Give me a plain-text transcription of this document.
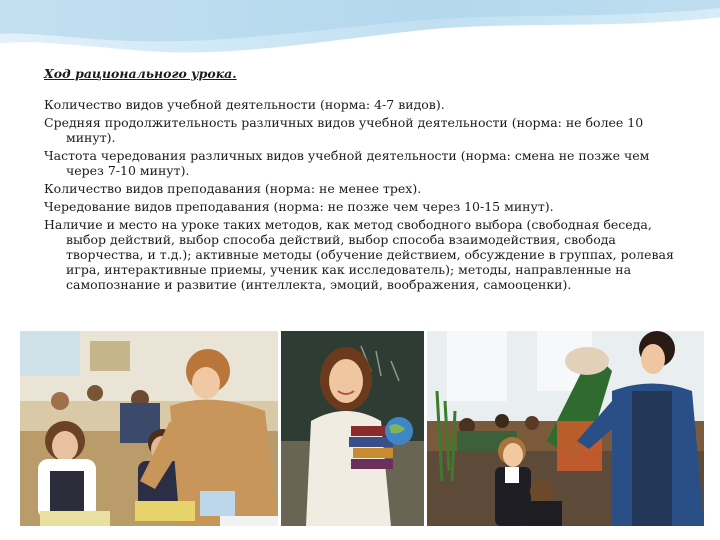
Ход рационального урока.

Количество видов учебной деятельности (норма: 4-7 видов).

Средняя продолжительность различных видов учебной деятельности (норма: не более 10 минут).

Частота чередования различных видов учебной деятельности (норма: смена не позже чем через 7-10 минут).

Количество видов преподавания (норма: не менее трех).

Чередование видов преподавания (норма: не позже чем через 10-15 минут).

Наличие и место на уроке таких методов, как метод свободного выбора (свободная беседа, выбор действий, выбор способа действий, выбор способа взаимодействия, свобода творчества, и т.д.); активные методы (обучение действием, обсуждение в группах, ролевая игра, интерактивные приемы, ученик как исследователь); методы, направленные на самопознание и развитие (интеллекта, эмоций, воображения, самооценки).
